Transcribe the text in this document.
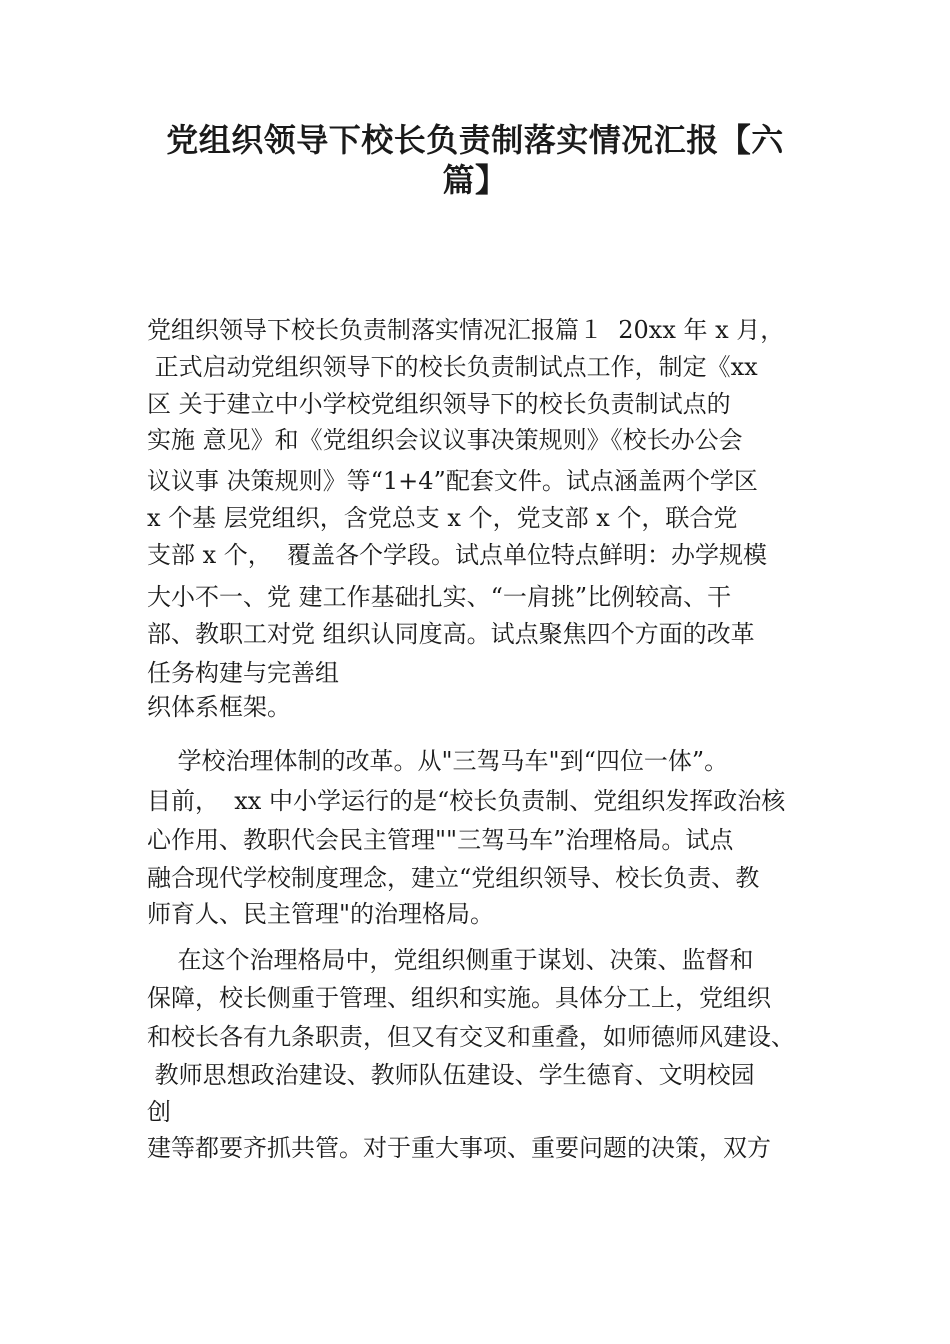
党组织领导下校长负责制落实情况汇报【六
篇】

党组织领导下校长负责制落实情况汇报篇１  20xx 年 x 月，

正式启动党组织领导下的校长负责制试点工作，制定《xx

区 关于建立中小学校党组织领导下的校长负责制试点的

实施 意见》和《党组织会议议事决策规则》《校长办公会

议议事 决策规则》等“1+4”配套文件。试点涵盖两个学区

x 个基 层党组织，含党总支 x 个，党支部 x 个，联合党

支部 x 个，  覆盖各个学段。试点单位特点鲜明：办学规模

大小不一、党 建工作基础扎实、“一肩挑”比例较高、干

部、教职工对党 组织认同度高。试点聚焦四个方面的改革

任务构建与完善组

织体系框架。

学校治理体制的改革。从"三驾马车"到“四位一体”。

目前，  xx 中小学运行的是“校长负责制、党组织发挥政治核

心作用、教职代会民主管理""三驾马车”治理格局。试点

融合现代学校制度理念，建立“党组织领导、校长负责、教

师育人、民主管理"的治理格局。

在这个治理格局中，党组织侧重于谋划、决策、监督和

保障，校长侧重于管理、组织和实施。具体分工上，党组织

和校长各有九条职责，但又有交叉和重叠，如师德师风建设、

教师思想政治建设、教师队伍建设、学生德育、文明校园

创

建等都要齐抓共管。对于重大事项、重要问题的决策，双方
